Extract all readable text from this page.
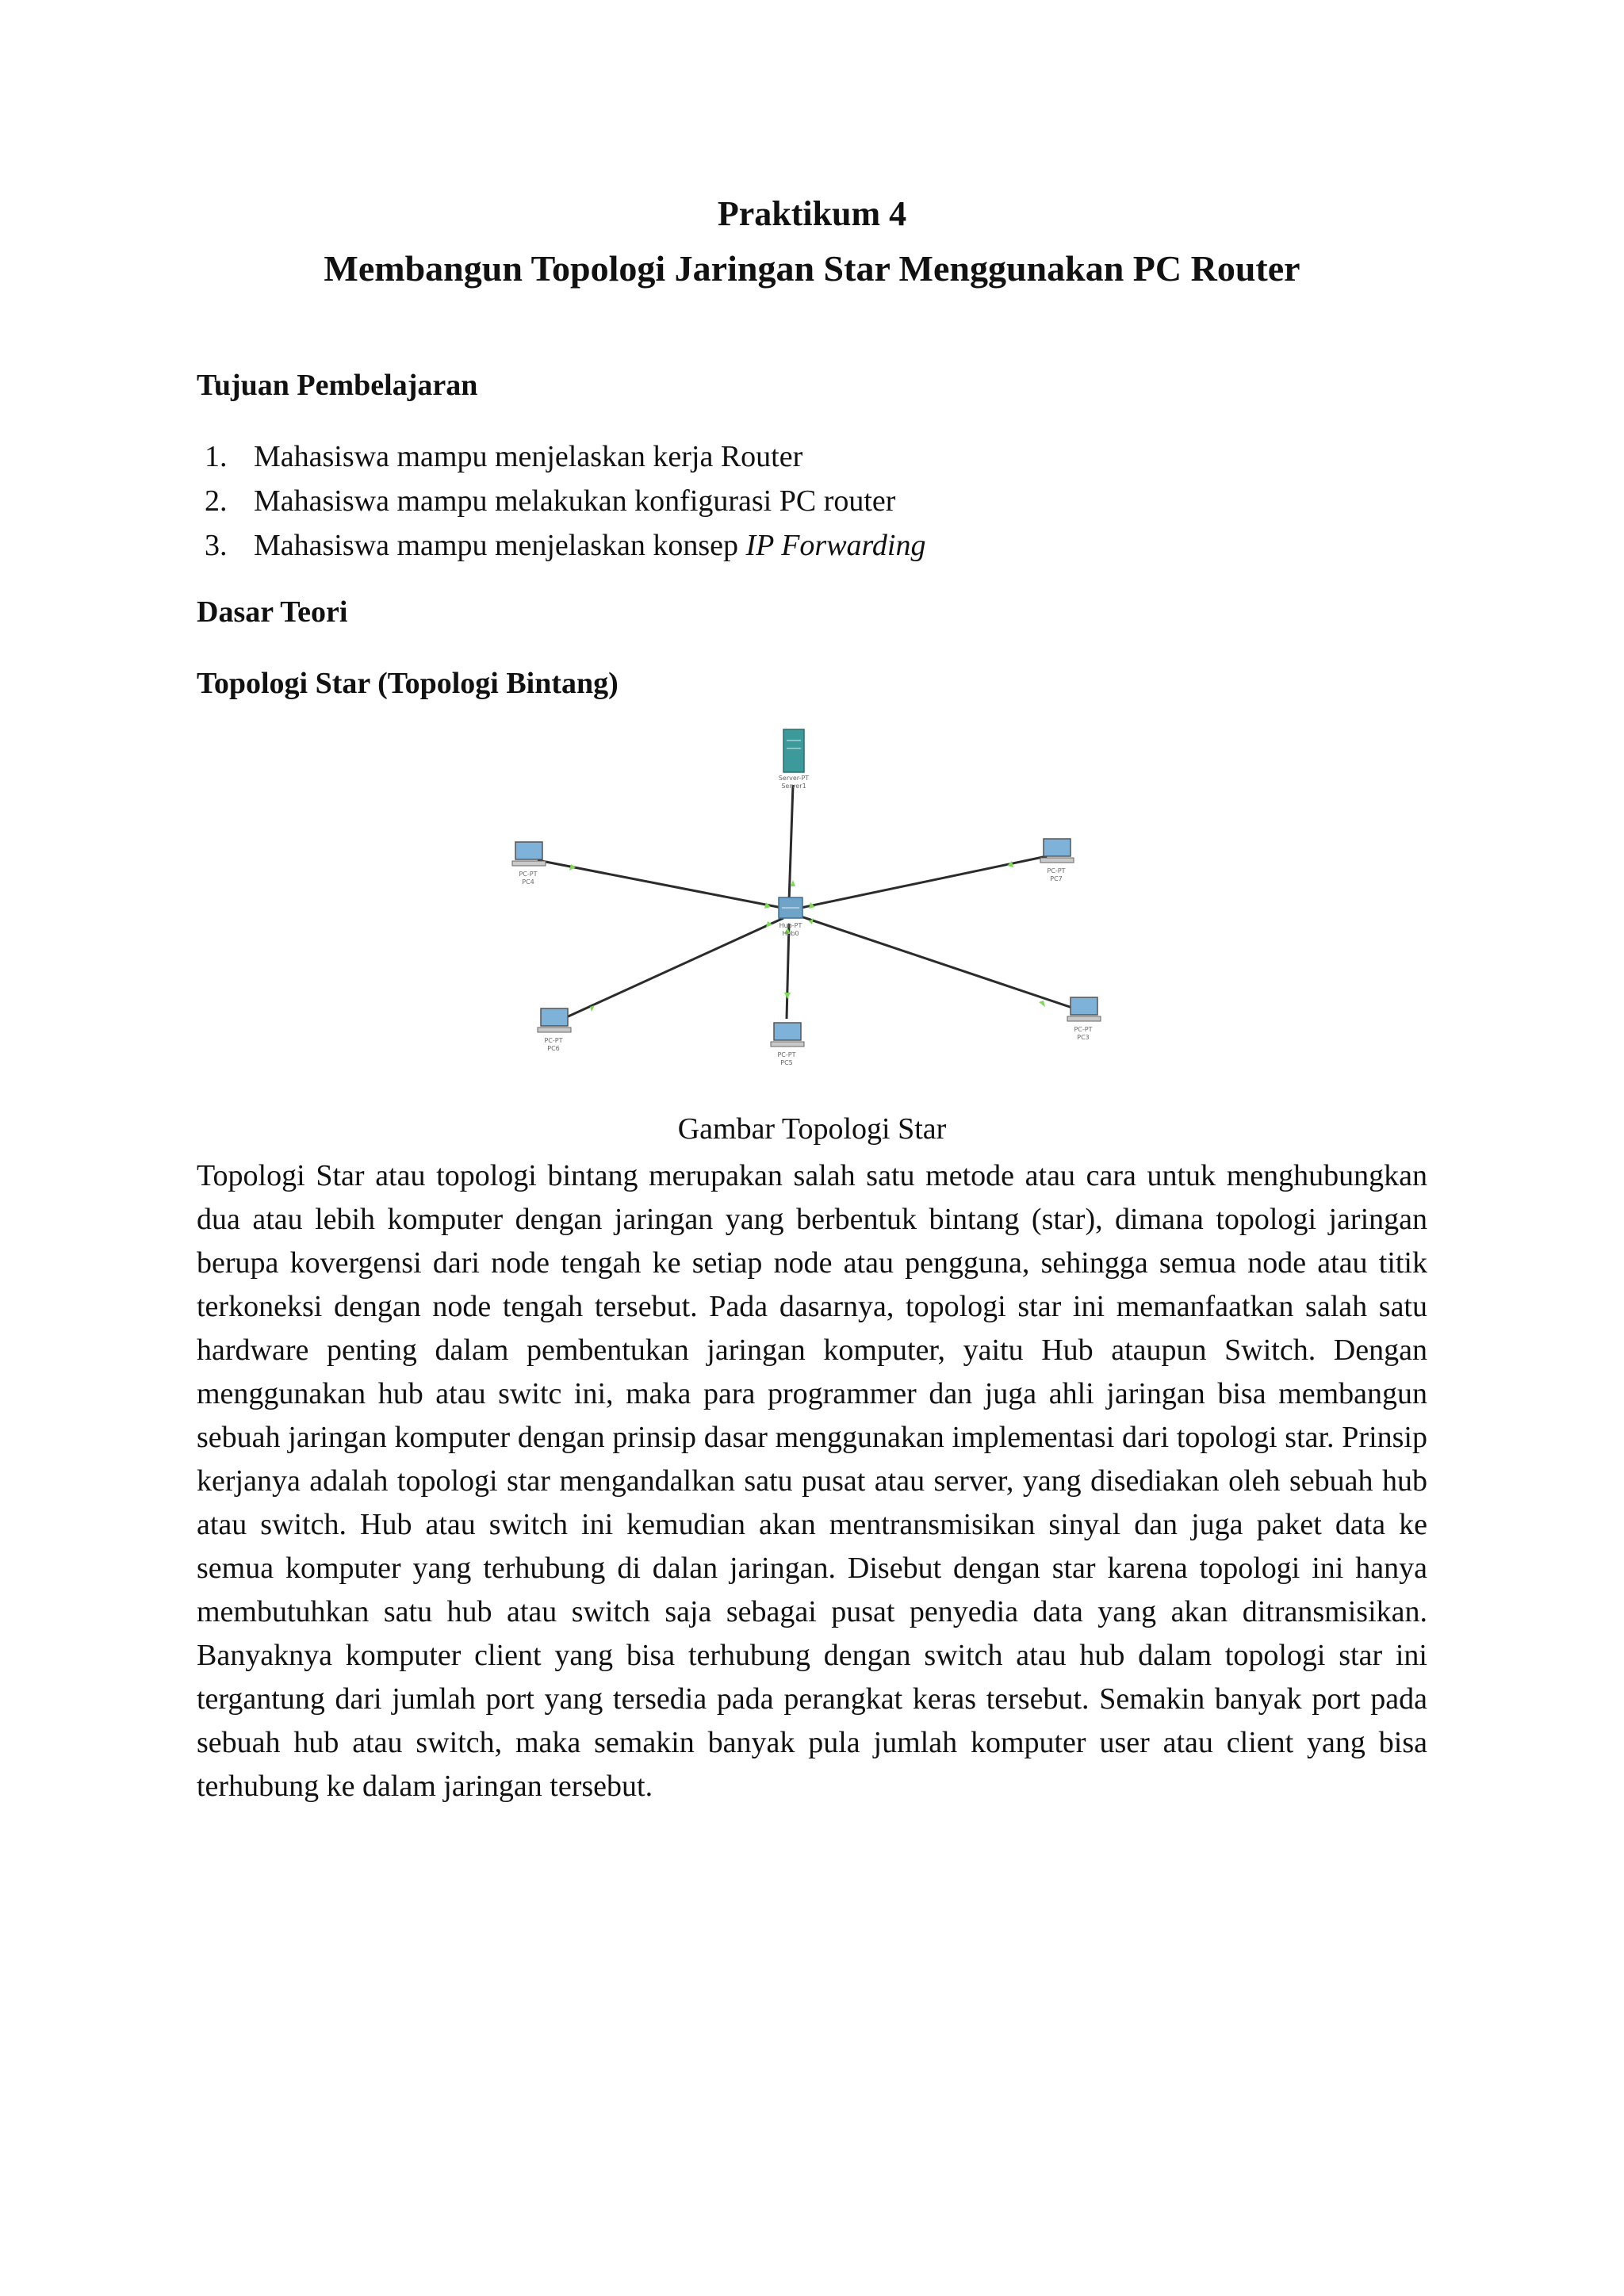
Praktikum 4
Membangun Topologi Jaringan Star Menggunakan PC Router
Tujuan Pembelajaran
1. Mahasiswa mampu menjelaskan kerja Router
2. Mahasiswa mampu melakukan konfigurasi PC router
3. Mahasiswa mampu menjelaskan konsep IP Forwarding
Dasar Teori
Topologi Star (Topologi Bintang)
Server-PT
Server1
Hub-PT
Hub0
PC-PT
PC4
PC-PT
PC7
PC-PT
PC6
PC-PT
PC5
PC-PT
PC3

Gambar Topologi Star

Topologi Star atau topologi bintang merupakan salah satu metode atau cara untuk menghubungkan dua atau lebih komputer dengan jaringan yang berbentuk bintang (star), dimana topologi jaringan berupa kovergensi dari node tengah ke setiap node atau pengguna, sehingga semua node atau titik terkoneksi dengan node tengah tersebut. Pada dasarnya, topologi star ini memanfaatkan salah satu hardware penting dalam pembentukan jaringan komputer, yaitu Hub ataupun Switch. Dengan menggunakan hub atau switc ini, maka para programmer dan juga ahli jaringan bisa membangun sebuah jaringan komputer dengan prinsip dasar menggunakan implementasi dari topologi star. Prinsip kerjanya adalah topologi star mengandalkan satu pusat atau server, yang disediakan oleh sebuah hub atau switch. Hub atau switch ini kemudian akan mentransmisikan sinyal dan juga paket data ke semua komputer yang terhubung di dalan jaringan. Disebut dengan star karena topologi ini hanya membutuhkan satu hub atau switch saja sebagai pusat penyedia data yang akan ditransmisikan. Banyaknya komputer client yang bisa terhubung dengan switch atau hub dalam topologi star ini tergantung dari jumlah port yang tersedia pada perangkat keras tersebut. Semakin banyak port pada sebuah hub atau switch, maka semakin banyak pula jumlah komputer user atau client yang bisa terhubung ke dalam jaringan tersebut.
